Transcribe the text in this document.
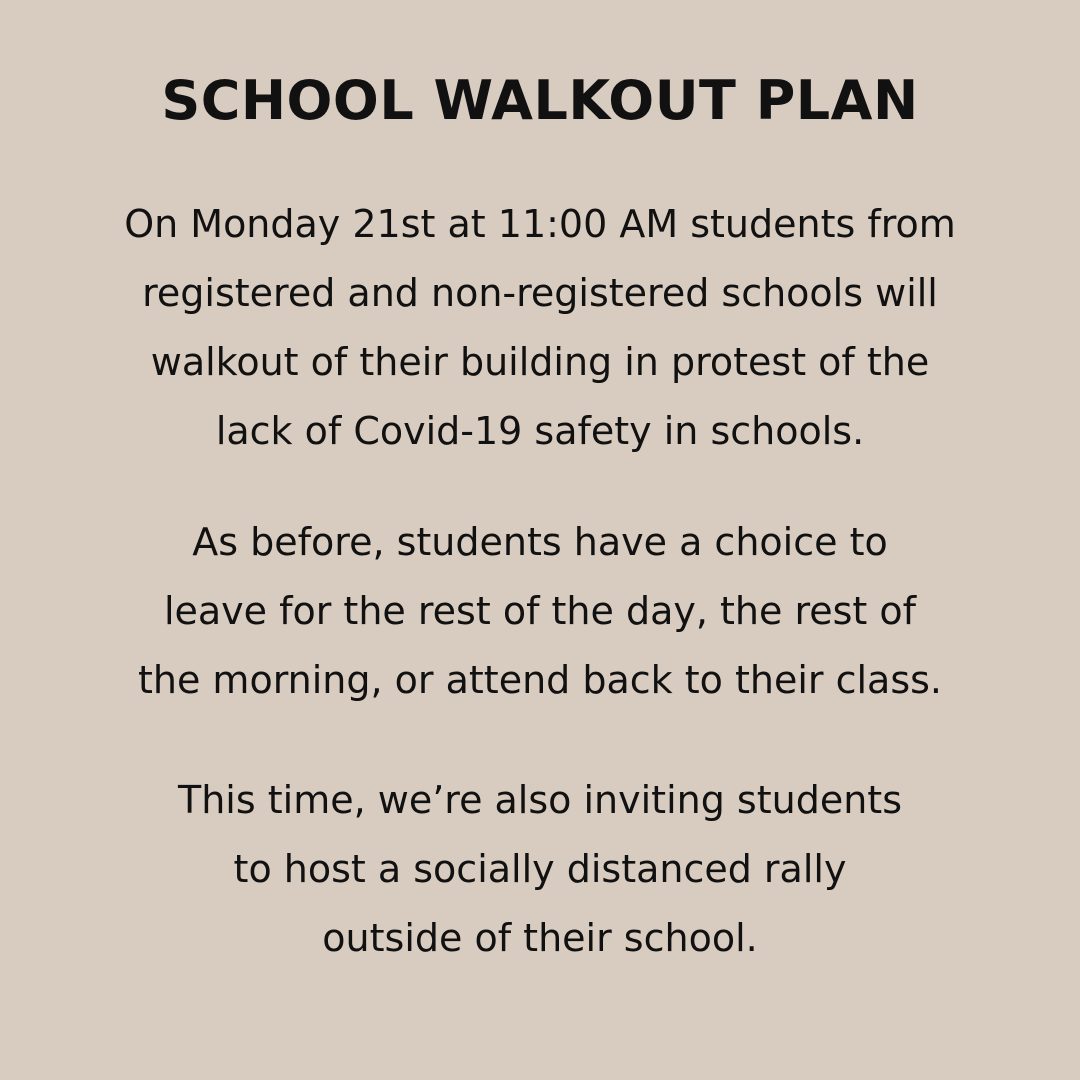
SCHOOL WALKOUT PLAN

On Monday 21st at 11:00 AM students from
registered and non-registered schools will
walkout of their building in protest of the
lack of Covid-19 safety in schools.

As before, students have a choice to
leave for the rest of the day, the rest of
the morning, or attend back to their class.

This time, we’re also inviting students
to host a socially distanced rally
outside of their school.
